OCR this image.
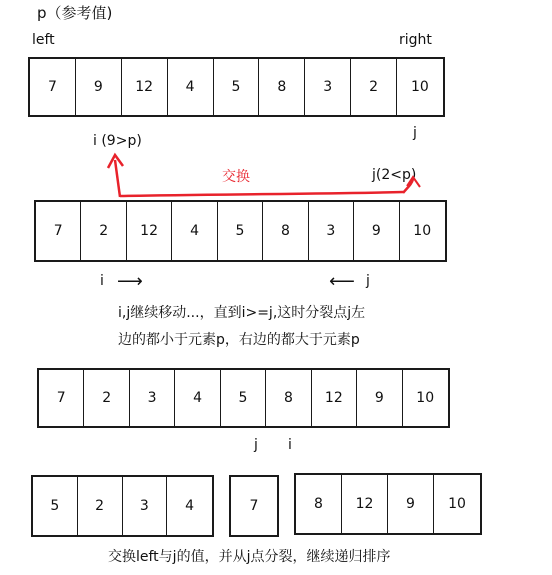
p（参考值)
left	right
7	9	12	4	5	8	3	2	10
i (9>p)	j
交换	j(2<p)
7	2	12	4	5	8	3	9	10
i ⟶	⟵ j
i,j继续移动...，直到i>=j,这时分裂点j左
边的都小于元素p，右边的都大于元素p
7	2	3	4	5	8	12	9	10
j i
5	2	3	4	7	8	12	9	10
交换left与j的值，并从j点分裂，继续递归排序
